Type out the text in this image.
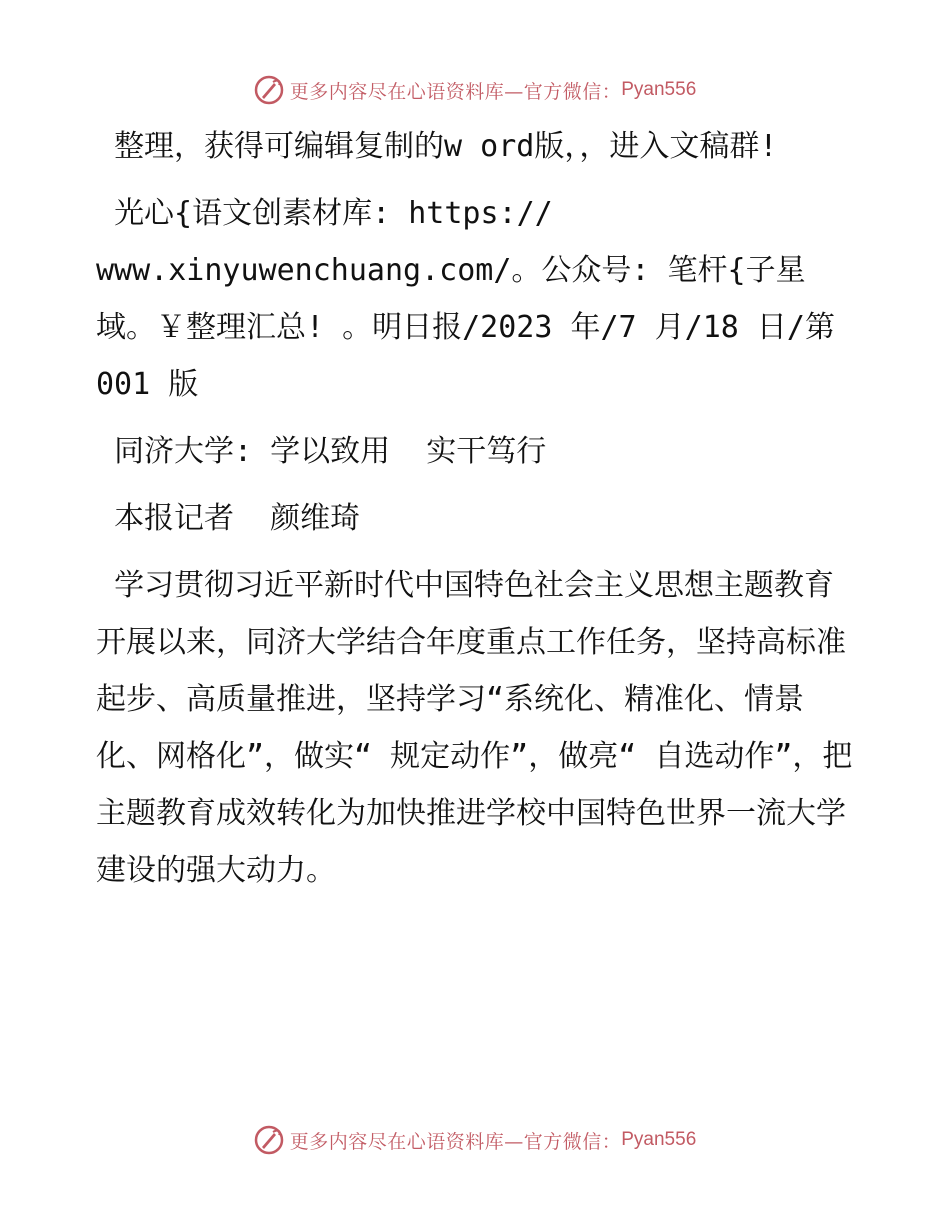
更多内容尽在心语资料库—官方微信： Pyan556

整理，获得可编辑复制的w ord版，，进入文稿群!

光心{语文创素材库: https://
www.xinyuwenchuang.com/。公众号: 笔杆{子星域。￥整理汇总! 。明日报/2023 年/7 月/18 日/第 001 版

同济大学: 学以致用  实干笃行

本报记者  颜维琦

学习贯彻习近平新时代中国特色社会主义思想主题教育开展以来，同济大学结合年度重点工作任务，坚持高标准起步、高质量推进，坚持学习“系统化、精准化、情景化、网格化”，做实“ 规定动作”，做亮“ 自选动作”，把主题教育成效转化为加快推进学校中国特色世界一流大学建设的强大动力。

更多内容尽在心语资料库—官方微信： Pyan556
